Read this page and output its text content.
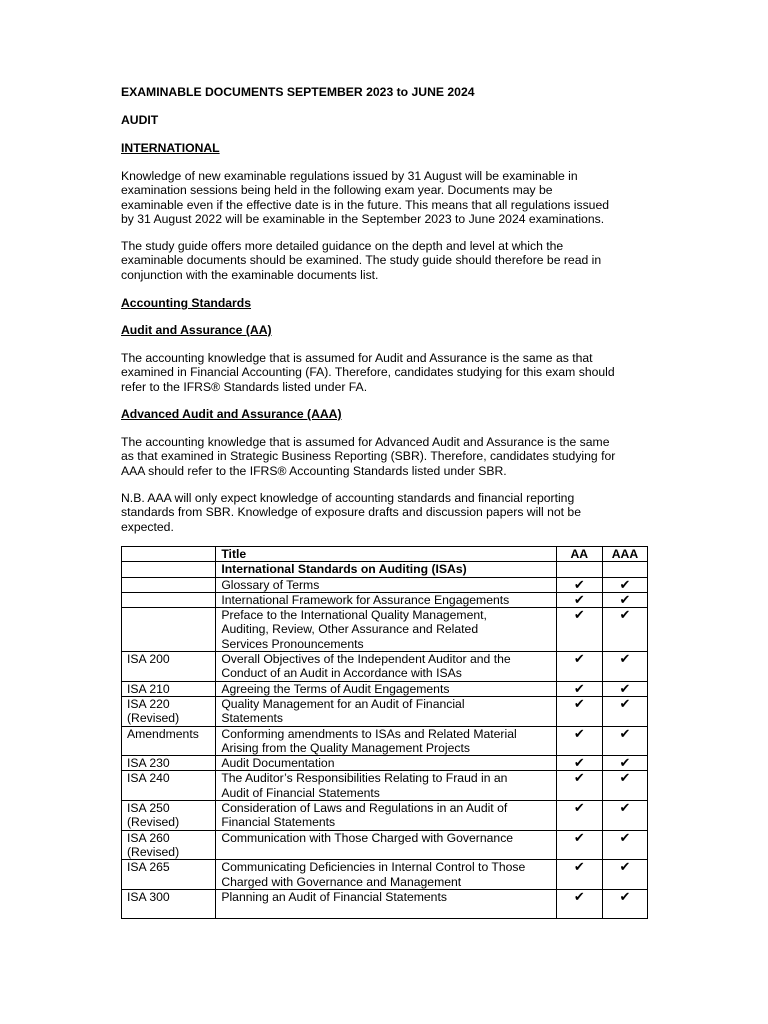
EXAMINABLE DOCUMENTS SEPTEMBER 2023 to JUNE 2024
AUDIT
INTERNATIONAL
Knowledge of new examinable regulations issued by 31 August will be examinable in
examination sessions being held in the following exam year. Documents may be
examinable even if the effective date is in the future. This means that all regulations issued
by 31 August 2022 will be examinable in the September 2023 to June 2024 examinations.
The study guide offers more detailed guidance on the depth and level at which the
examinable documents should be examined. The study guide should therefore be read in
conjunction with the examinable documents list.
Accounting Standards
Audit and Assurance (AA)
The accounting knowledge that is assumed for Audit and Assurance is the same as that
examined in Financial Accounting (FA). Therefore, candidates studying for this exam should
refer to the IFRS® Standards listed under FA.
Advanced Audit and Assurance (AAA)
The accounting knowledge that is assumed for Advanced Audit and Assurance is the same
as that examined in Strategic Business Reporting (SBR). Therefore, candidates studying for
AAA should refer to the IFRS® Accounting Standards listed under SBR.
N.B. AAA will only expect knowledge of accounting standards and financial reporting
standards from SBR. Knowledge of exposure drafts and discussion papers will not be
expected.
	Title	AA	AAA
	International Standards on Auditing (ISAs)		

	Glossary of Terms	✔	✔

	International Framework for Assurance Engagements	✔	✔

	Preface to the International Quality Management,
Auditing, Review, Other Assurance and Related
Services Pronouncements	✔	✔

ISA 200	Overall Objectives of the Independent Auditor and the
Conduct of an Audit in Accordance with ISAs	✔	✔

ISA 210	Agreeing the Terms of Audit Engagements	✔	✔

ISA 220
(Revised)	Quality Management for an Audit of Financial
Statements	✔	✔

Amendments	Conforming amendments to ISAs and Related Material
Arising from the Quality Management Projects	✔	✔

ISA 230	Audit Documentation	✔	✔

ISA 240	The Auditor’s Responsibilities Relating to Fraud in an
Audit of Financial Statements	✔	✔

ISA 250
(Revised)	Consideration of Laws and Regulations in an Audit of
Financial Statements	✔	✔

ISA 260
(Revised)	Communication with Those Charged with Governance	✔	✔

ISA 265	Communicating Deficiencies in Internal Control to Those
Charged with Governance and Management	✔	✔

ISA 300	Planning an Audit of Financial Statements	✔	✔
